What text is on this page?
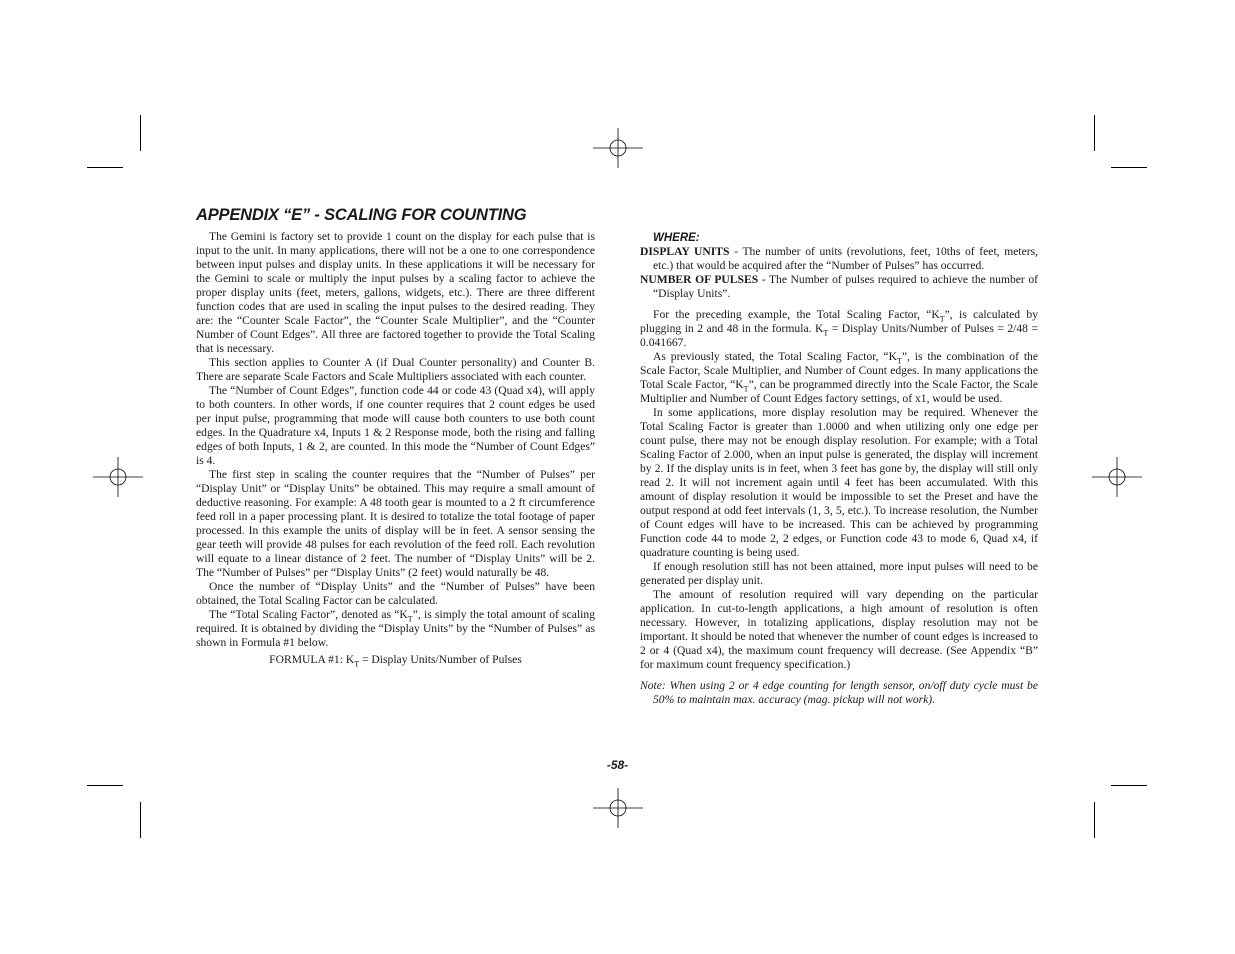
APPENDIX “E” - SCALING FOR COUNTING

The Gemini is factory set to provide 1 count on the display for each pulse that is input to the unit. In many applications, there will not be a one to one correspondence between input pulses and display units. In these applications it will be necessary for the Gemini to scale or multiply the input pulses by a scaling factor to achieve the proper display units (feet, meters, gallons, widgets, etc.). There are three different function codes that are used in scaling the input pulses to the desired reading. They are: the “Counter Scale Factor”, the “Counter Scale Multiplier”, and the “Counter Number of Count Edges”. All three are factored together to provide the Total Scaling that is necessary.

This section applies to Counter A (if Dual Counter personality) and Counter B. There are separate Scale Factors and Scale Multipliers associated with each counter.

The “Number of Count Edges”, function code 44 or code 43 (Quad x4), will apply to both counters. In other words, if one counter requires that 2 count edges be used per input pulse, programming that mode will cause both counters to use both count edges. In the Quadrature x4, Inputs 1 & 2 Response mode, both the rising and falling edges of both Inputs, 1 & 2, are counted. In this mode the “Number of Count Edges” is 4.

The first step in scaling the counter requires that the “Number of Pulses” per “Display Unit” or “Display Units” be obtained. This may require a small amount of deductive reasoning. For example: A 48 tooth gear is mounted to a 2 ft circumference feed roll in a paper processing plant. It is desired to totalize the total footage of paper processed. In this example the units of display will be in feet. A sensor sensing the gear teeth will provide 48 pulses for each revolution of the feed roll. Each revolution will equate to a linear distance of 2 feet. The number of “Display Units” will be 2. The “Number of Pulses” per “Display Units” (2 feet) would naturally be 48.

Once the number of “Display Units” and the “Number of Pulses” have been obtained, the Total Scaling Factor can be calculated.

The “Total Scaling Factor”, denoted as “$K_T$”, is simply the total amount of scaling required. It is obtained by dividing the “Display Units” by the “Number of Pulses” as shown in Formula #1 below.

FORMULA #1: $K_T$ = Display Units/Number of Pulses

WHERE:

DISPLAY UNITS - The number of units (revolutions, feet, 10ths of feet, meters, etc.) that would be acquired after the “Number of Pulses” has occurred.

NUMBER OF PULSES - The Number of pulses required to achieve the number of “Display Units”.

For the preceding example, the Total Scaling Factor, “$K_T$”, is calculated by plugging in 2 and 48 in the formula. $K_T$ = Display Units/Number of Pulses = 2/48 = 0.041667.

As previously stated, the Total Scaling Factor, “$K_T$”, is the combination of the Scale Factor, Scale Multiplier, and Number of Count edges. In many applications the Total Scale Factor, “$K_T$”, can be programmed directly into the Scale Factor, the Scale Multiplier and Number of Count Edges factory settings, of x1, would be used.

In some applications, more display resolution may be required. Whenever the Total Scaling Factor is greater than 1.0000 and when utilizing only one edge per count pulse, there may not be enough display resolution. For example; with a Total Scaling Factor of 2.000, when an input pulse is generated, the display will increment by 2. If the display units is in feet, when 3 feet has gone by, the display will still only read 2. It will not increment again until 4 feet has been accumulated. With this amount of display resolution it would be impossible to set the Preset and have the output respond at odd feet intervals (1, 3, 5, etc.). To increase resolution, the Number of Count edges will have to be increased. This can be achieved by programming Function code 44 to mode 2, 2 edges, or Function code 43 to mode 6, Quad x4, if quadrature counting is being used.

If enough resolution still has not been attained, more input pulses will need to be generated per display unit.

The amount of resolution required will vary depending on the particular application. In cut-to-length applications, a high amount of resolution is often necessary. However, in totalizing applications, display resolution may not be important. It should be noted that whenever the number of count edges is increased to 2 or 4 (Quad x4), the maximum count frequency will decrease. (See Appendix “B” for maximum count frequency specification.)

Note: When using 2 or 4 edge counting for length sensor, on/off duty cycle must be 50% to maintain max. accuracy (mag. pickup will not work).

-58-
